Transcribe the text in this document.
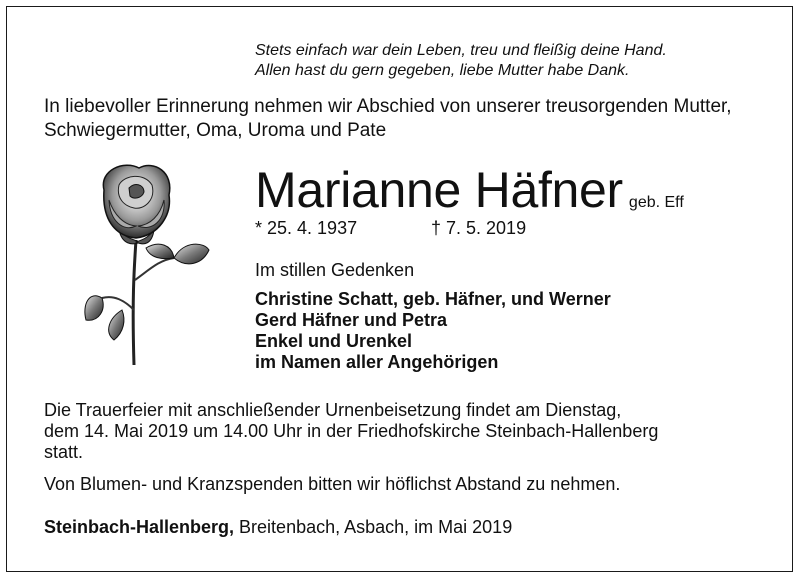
Stets einfach war dein Leben, treu und fleißig deine Hand.
Allen hast du gern gegeben, liebe Mutter habe Dank.
In liebevoller Erinnerung nehmen wir Abschied von unserer treusorgenden Mutter,
Schwiegermutter, Oma, Uroma und Pate
Marianne Häfner geb. Eff
* 25. 4. 1937	† 7. 5. 2019
Im stillen Gedenken
Christine Schatt, geb. Häfner, und Werner
Gerd Häfner und Petra
Enkel und Urenkel
im Namen aller Angehörigen
Die Trauerfeier mit anschließender Urnenbeisetzung findet am Dienstag,
dem 14. Mai 2019 um 14.00 Uhr in der Friedhofskirche Steinbach-Hallenberg
statt.
Von Blumen- und Kranzspenden bitten wir höflichst Abstand zu nehmen.
Steinbach-Hallenberg, Breitenbach, Asbach, im Mai 2019
